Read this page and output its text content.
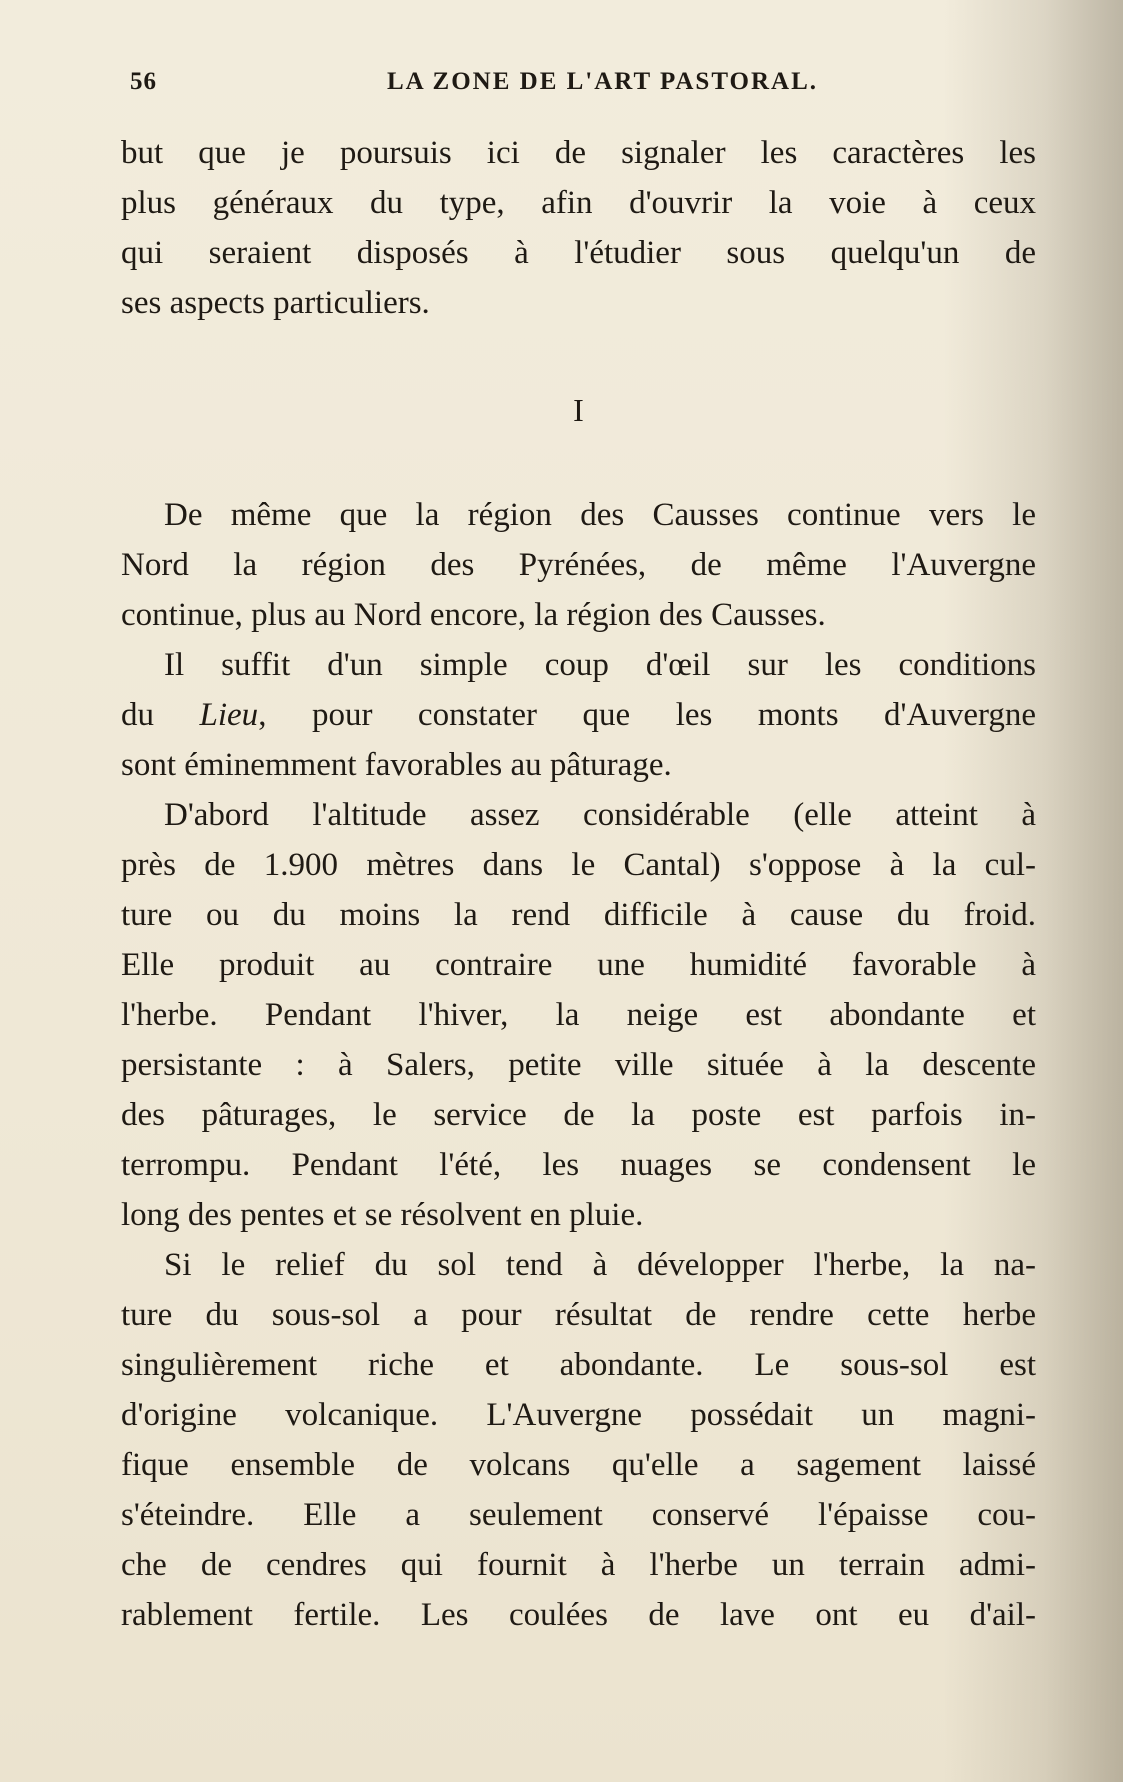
56	LA ZONE DE L'ART PASTORAL.

but que je poursuis ici de signaler les caractères les
plus généraux du type, afin d'ouvrir la voie à ceux
qui seraient disposés à l'étudier sous quelqu'un de
ses aspects particuliers.

I

De même que la région des Causses continue vers le
Nord la région des Pyrénées, de même l'Auvergne
continue, plus au Nord encore, la région des Causses.

Il suffit d'un simple coup d'œil sur les conditions
du Lieu, pour constater que les monts d'Auvergne
sont éminemment favorables au pâturage.

D'abord l'altitude assez considérable (elle atteint à
près de 1.900 mètres dans le Cantal) s'oppose à la cul-
ture ou du moins la rend difficile à cause du froid.
Elle produit au contraire une humidité favorable à
l'herbe. Pendant l'hiver, la neige est abondante et
persistante : à Salers, petite ville située à la descente
des pâturages, le service de la poste est parfois in-
terrompu. Pendant l'été, les nuages se condensent le
long des pentes et se résolvent en pluie.

Si le relief du sol tend à développer l'herbe, la na-
ture du sous-sol a pour résultat de rendre cette herbe
singulièrement riche et abondante. Le sous-sol est
d'origine volcanique. L'Auvergne possédait un magni-
fique ensemble de volcans qu'elle a sagement laissé
s'éteindre. Elle a seulement conservé l'épaisse cou-
che de cendres qui fournit à l'herbe un terrain admi-
rablement fertile. Les coulées de lave ont eu d'ail-
